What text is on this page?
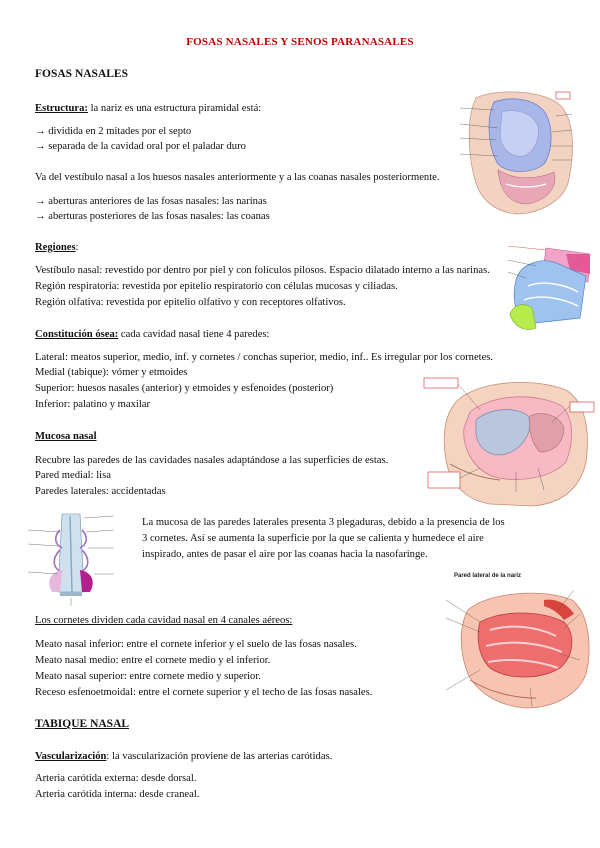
FOSAS NASALES Y SENOS PARANASALES
FOSAS NASALES
Estructura: la nariz es una estructura piramidal está:
→ dividida en 2 mitades por el septo
→ separada de la cavidad oral por el paladar duro
Va del vestíbulo nasal a los huesos nasales anteriormente y a las coanas nasales posteriormente.
→ aberturas anteriores de las fosas nasales: las narinas
→ aberturas posteriores de las fosas nasales: las coanas
Regiones:
Vestíbulo nasal: revestido por dentro por piel y con folículos pilosos. Espacio dilatado interno a las narinas.
Región respiratoria: revestida por epitelio respiratorio con células mucosas y ciliadas.
Región olfativa: revestida por epitelio olfativo y con receptores olfativos.
Constitución ósea: cada cavidad nasal tiene 4 paredes:
Lateral: meatos superior, medio, inf. y cornetes / conchas superior, medio, inf.. Es irregular por los cornetes.
Medial (tabique): vómer y etmoides
Superior: huesos nasales (anterior) y etmoides y esfenoides (posterior)
Inferior: palatino y maxilar
Mucosa nasal
Recubre las paredes de las cavidades nasales adaptándose a las superficies de estas.
Pared medial: lisa
Paredes laterales: accidentadas
La mucosa de las paredes laterales presenta 3 plegaduras, debido a la presencia de los
3 cornetes. Así se aumenta la superficie por la que se calienta y humedece el aire
inspirado, antes de pasar el aire por las coanas hacia la nasofaringe.
Los cornetes dividen cada cavidad nasal en 4 canales aéreos:
Meato nasal inferior: entre el cornete inferior y el suelo de las fosas nasales.
Meato nasal medio: entre el cornete medio y el inferior.
Meato nasal superior: entre cornete medio y superior.
Receso esfenoetmoidal: entre el cornete superior y el techo de las fosas nasales.
TABIQUE NASAL
Vascularización: la vascularización proviene de las arterias carótidas.
Arteria carótida externa: desde dorsal.
Arteria carótida interna: desde craneal.
Pared lateral de la nariz
